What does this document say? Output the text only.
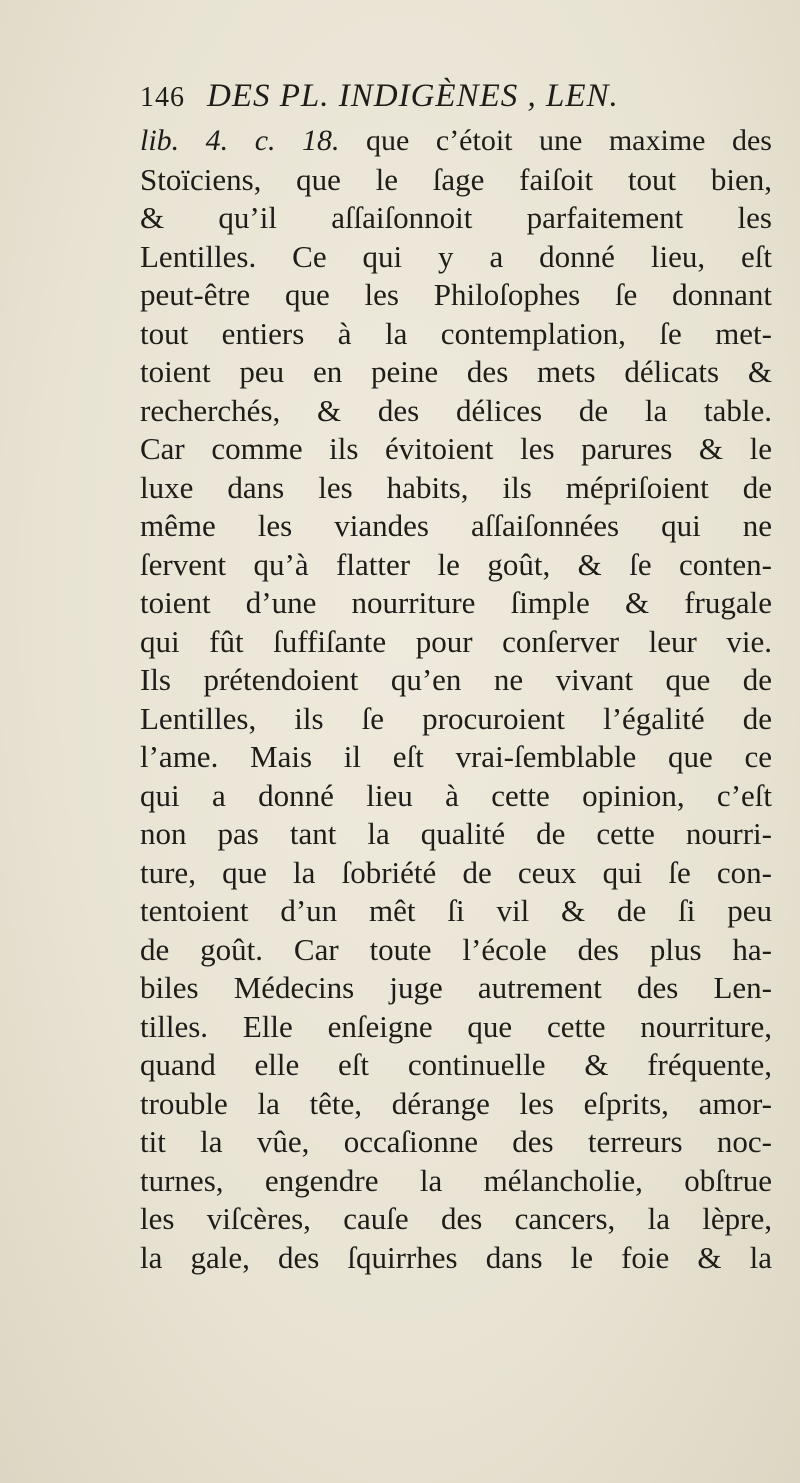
146 DES PL. INDIGÈNES , LEN.
lib. 4. c. 18. que c’étoit une maxime des
Stoïciens, que le ſage faiſoit tout bien,
& qu’il aſſaiſonnoit parfaitement les
Lentilles. Ce qui y a donné lieu, eſt
peut-être que les Philoſophes ſe donnant
tout entiers à la contemplation, ſe met-
toient peu en peine des mets délicats &
recherchés, & des délices de la table.
Car comme ils évitoient les parures & le
luxe dans les habits, ils mépriſoient de
même les viandes aſſaiſonnées qui ne
ſervent qu’à flatter le goût, & ſe conten-
toient d’une nourriture ſimple & frugale
qui fût ſuffiſante pour conſerver leur vie.
Ils prétendoient qu’en ne vivant que de
Lentilles, ils ſe procuroient l’égalité de
l’ame. Mais il eſt vrai-ſemblable que ce
qui a donné lieu à cette opinion, c’eſt
non pas tant la qualité de cette nourri-
ture, que la ſobriété de ceux qui ſe con-
tentoient d’un mêt ſi vil & de ſi peu
de goût. Car toute l’école des plus ha-
biles Médecins juge autrement des Len-
tilles. Elle enſeigne que cette nourriture,
quand elle eſt continuelle & fréquente,
trouble la tête, dérange les eſprits, amor-
tit la vûe, occaſionne des terreurs noc-
turnes, engendre la mélancholie, obſtrue
les viſcères, cauſe des cancers, la lèpre,
la gale, des ſquirrhes dans le foie & la
